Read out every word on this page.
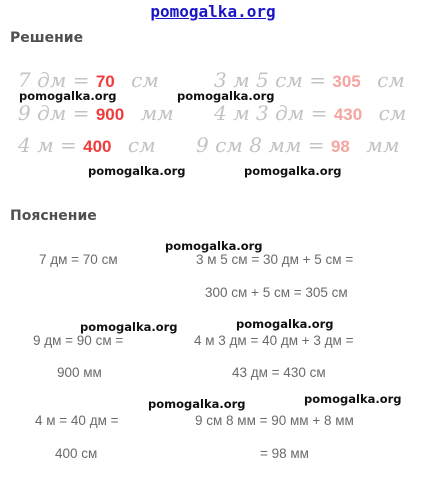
pomogalka.org
Решение
7 дм = 70 см	3 м 5 см = 305 см
9 дм = 900 мм 4 м 3 дм = 430 см
4 м = 400 см 9 см 8 мм = 98 мм
Пояснение
7 дм = 70 см	3 м 5 см = 30 дм + 5 см =
300 см + 5 см = 305 см
9 дм = 90 см =	4 м 3 дм = 40 дм + 3 дм =
900 мм	43 дм = 430 см
4 м = 40 дм =	9 см 8 мм = 90 мм + 8 мм
400 см	= 98 мм
pomogalka.org	pomogalka.org
pomogalka.org	pomogalka.org
pomogalka.org
pomogalka.org	pomogalka.org
pomogalka.org	pomogalka.org
